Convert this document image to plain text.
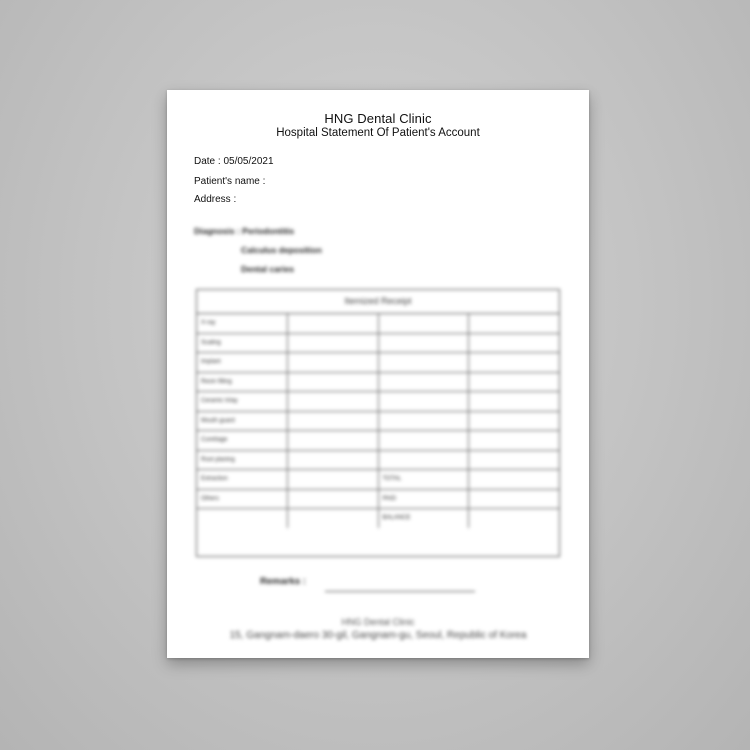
HNG Dental Clinic
Hospital Statement Of Patient's Account
Date : 05/05/2021
Patient's name :
Address :
Diagnosis : Periodontitis
Calculus deposition
Dental caries
Itemized Receipt
X-ray			
Scaling			
Implant			
Resin filling			
Ceramic Inlay			
Mouth guard			
Curettage			
Root planing			
Extraction		TOTAL	
Others		PAID	
		BALANCE	
Remarks :
HNG Dental Clinic
15, Gangnam-daero 30-gil, Gangnam-gu, Seoul, Republic of Korea
